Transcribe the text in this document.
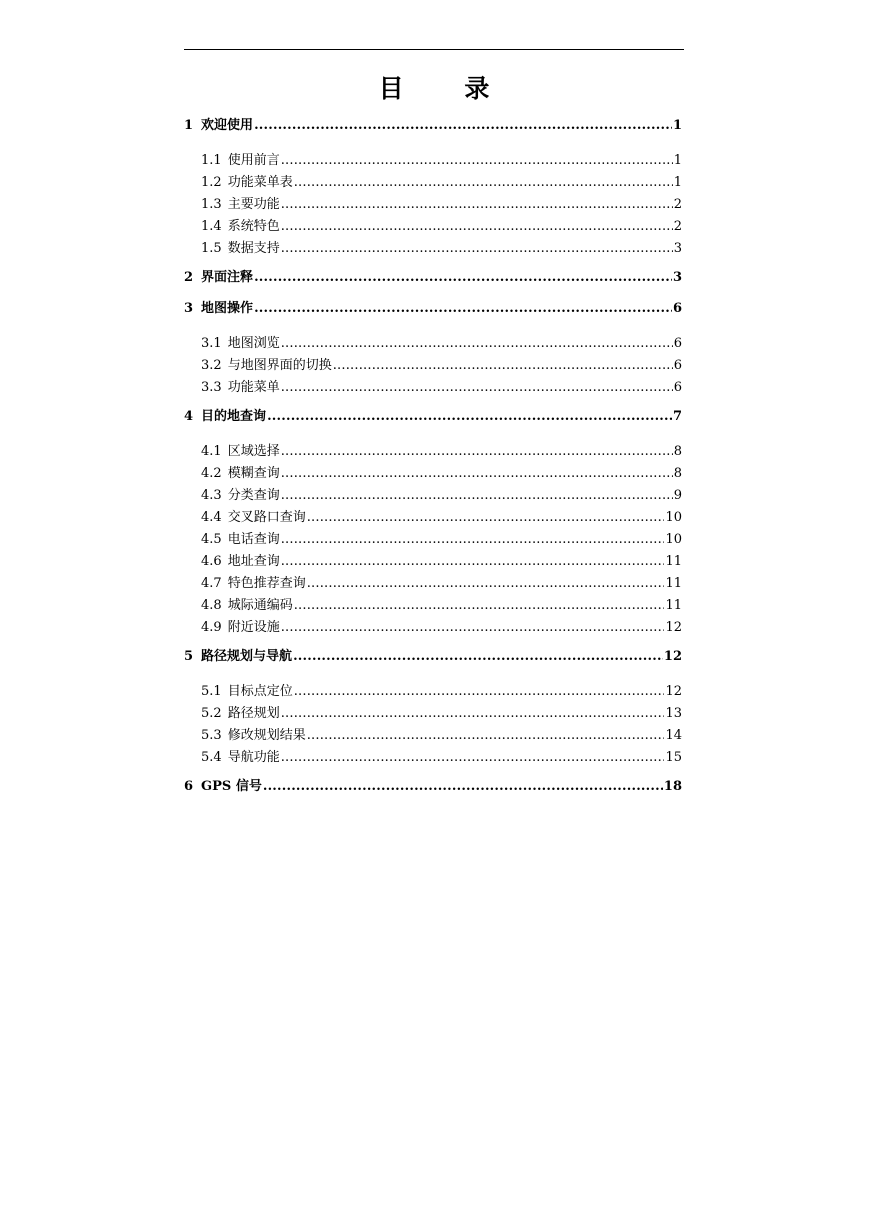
目 录
1 欢迎使用 .....	1
1.1 使用前言 .....	1
1.2 功能菜单表 .....	1
1.3 主要功能 .....	2
1.4 系统特色 .....	2
1.5 数据支持 .....	3
2 界面注释 .....	3
3 地图操作 .....	6
3.1 地图浏览 .....	6
3.2 与地图界面的切换 .....	6
3.3 功能菜单 .....	6
4 目的地查询 .....	7
4.1 区域选择 .....	8
4.2 模糊查询 .....	8
4.3 分类查询 .....	9
4.4 交叉路口查询 .....	10
4.5 电话查询 .....	10
4.6 地址查询 .....	11
4.7 特色推荐查询 .....	11
4.8 城际通编码 .....	11
4.9 附近设施 .....	12
5 路径规划与导航 .....	12
5.1 目标点定位 .....	12
5.2 路径规划 .....	13
5.3 修改规划结果 .....	14
5.4 导航功能 .....	15
6 GPS 信号 .....	18
